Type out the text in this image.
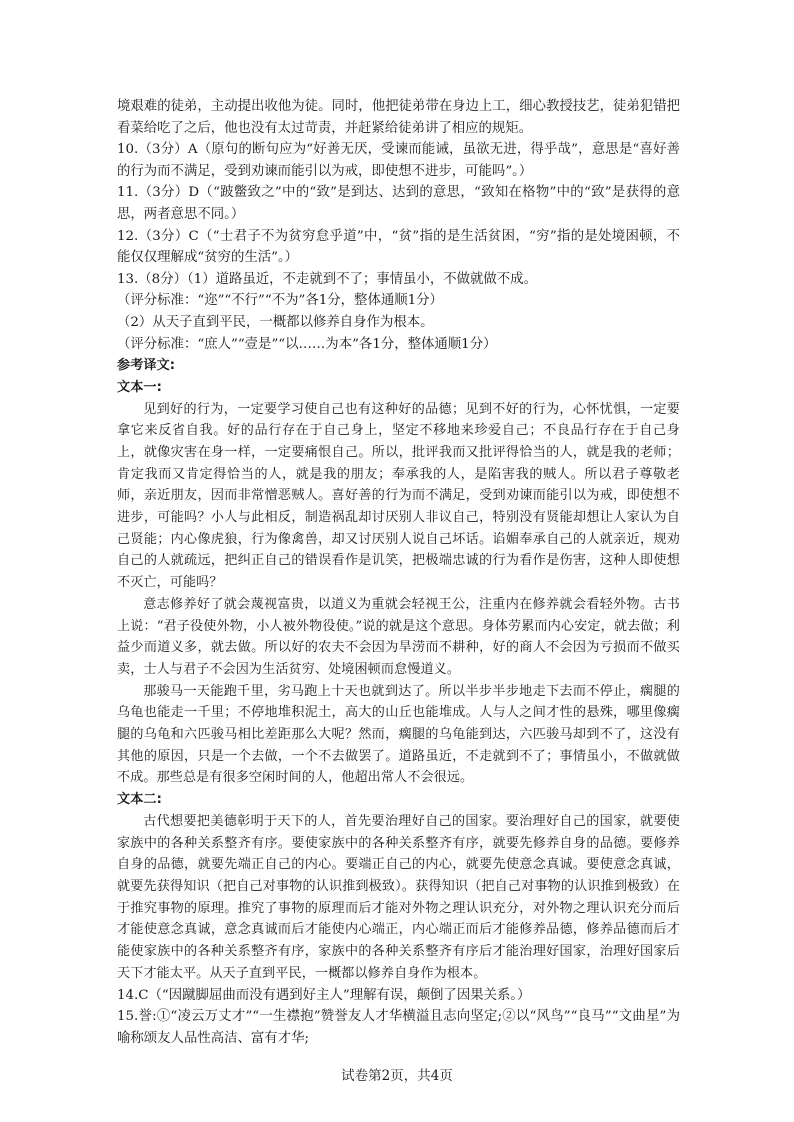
境艰难的徒弟，主动提出收他为徒。同时，他把徒弟带在身边上工，细心教授技艺，徒弟犯错把看菜给吃了之后，他也没有太过苛责，并赶紧给徒弟讲了相应的规矩。

10.（3分）A（原句的断句应为“好善无厌，受谏而能诫，虽欲无进，得乎哉”，意思是“喜好善的行为而不满足，受到劝谏而能引以为戒，即使想不进步，可能吗”。）

11.（3分）D（“跛鳖致之”中的“致”是到达、达到的意思，“致知在格物”中的“致”是获得的意思，两者意思不同。）

12.（3分）C（“士君子不为贫穷怠乎道”中，“贫”指的是生活贫困，“穷”指的是处境困顿，不能仅仅理解成“贫穷的生活”。）

13.（8分）（1）道路虽近，不走就到不了；事情虽小，不做就做不成。

（评分标准：“迩”“不行”“不为”各1分，整体通顺1分）

（2）从天子直到平民，一概都以修养自身作为根本。

（评分标准：“庶人”“壹是”“以……为本”各1分，整体通顺1分）

参考译文:

文本一:

见到好的行为，一定要学习使自己也有这种好的品德；见到不好的行为，心怀忧惧，一定要拿它来反省自我。好的品行存在于自己身上，坚定不移地来珍爱自己；不良品行存在于自己身上，就像灾害在身一样，一定要痛恨自己。所以，批评我而又批评得恰当的人，就是我的老师；肯定我而又肯定得恰当的人，就是我的朋友；奉承我的人，是陷害我的贼人。所以君子尊敬老师，亲近朋友，因而非常憎恶贼人。喜好善的行为而不满足，受到劝谏而能引以为戒，即使想不进步，可能吗？小人与此相反，制造祸乱却讨厌别人非议自己，特别没有贤能却想让人家认为自己贤能；内心像虎狼，行为像禽兽，却又讨厌别人说自己坏话。谄媚奉承自己的人就亲近，规劝自己的人就疏远，把纠正自己的错误看作是讥笑，把极端忠诚的行为看作是伤害，这种人即使想不灭亡，可能吗？

意志修养好了就会蔑视富贵，以道义为重就会轻视王公，注重内在修养就会看轻外物。古书上说：“君子役使外物，小人被外物役使。”说的就是这个意思。身体劳累而内心安定，就去做；利益少而道义多，就去做。所以好的农夫不会因为旱涝而不耕种，好的商人不会因为亏损而不做买卖，士人与君子不会因为生活贫穷、处境困顿而怠慢道义。

那骏马一天能跑千里，劣马跑上十天也就到达了。所以半步半步地走下去而不停止，瘸腿的乌龟也能走一千里；不停地堆积泥土，高大的山丘也能堆成。人与人之间才性的悬殊，哪里像瘸腿的乌龟和六匹骏马相比差距那么大呢？然而，瘸腿的乌龟能到达，六匹骏马却到不了，这没有其他的原因，只是一个去做，一个不去做罢了。道路虽近，不走就到不了；事情虽小，不做就做不成。那些总是有很多空闲时间的人，他超出常人不会很远。

文本二:

古代想要把美德彰明于天下的人，首先要治理好自己的国家。要治理好自己的国家，就要使家族中的各种关系整齐有序。要使家族中的各种关系整齐有序，就要先修养自身的品德。要修养自身的品德，就要先端正自己的内心。要端正自己的内心，就要先使意念真诚。要使意念真诚，就要先获得知识（把自己对事物的认识推到极致）。获得知识（把自己对事物的认识推到极致）在于推究事物的原理。推究了事物的原理而后才能对外物之理认识充分，对外物之理认识充分而后才能使意念真诚，意念真诚而后才能使内心端正，内心端正而后才能修养品德，修养品德而后才能使家族中的各种关系整齐有序，家族中的各种关系整齐有序后才能治理好国家，治理好国家后天下才能太平。从天子直到平民，一概都以修养自身作为根本。

14.C（“因蹴脚屈曲而没有遇到好主人”理解有误，颠倒了因果关系。）

15.誉:①“凌云万丈才”“一生襟抱”赞誉友人才华横溢且志向坚定;②以“风鸟”“良马”“文曲星”为喻称颂友人品性高洁、富有才华;

试卷第2页，共4页
